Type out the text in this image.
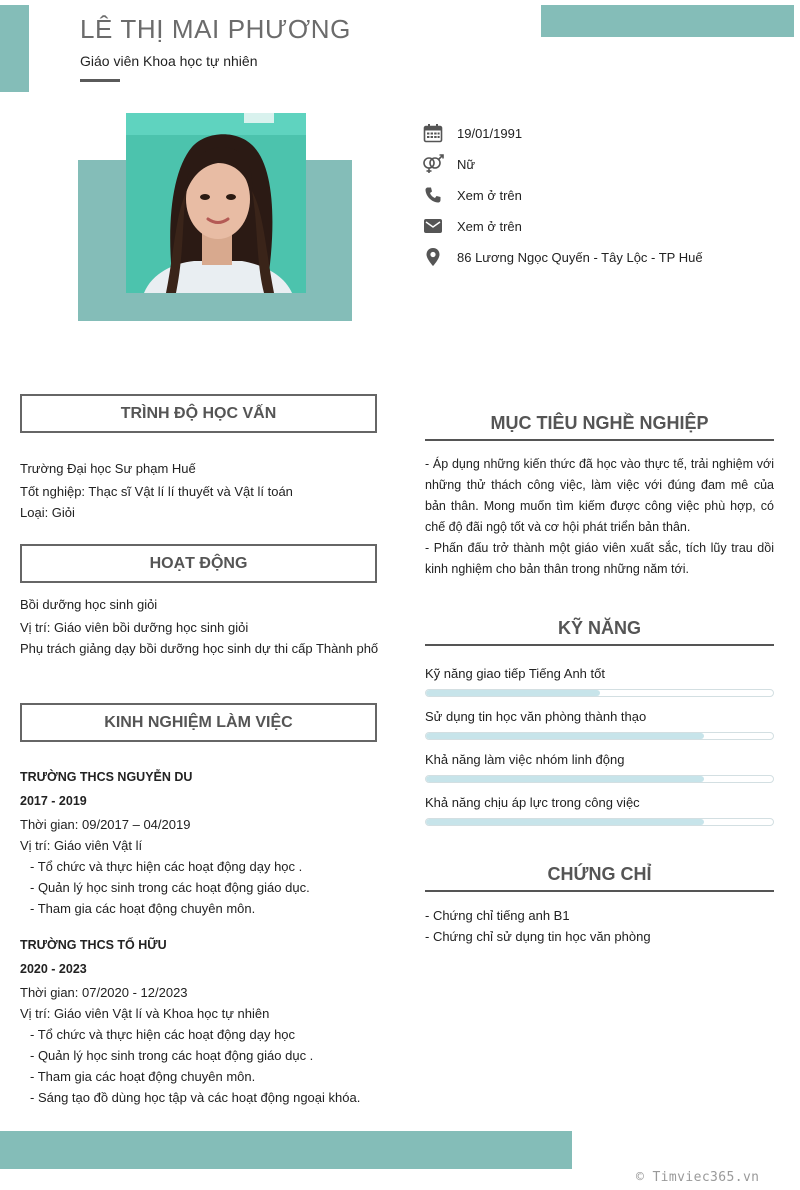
LÊ THỊ MAI PHƯƠNG
Giáo viên Khoa học tự nhiên
19/01/1991
Nữ
Xem ở trên
Xem ở trên
86 Lương Ngọc Quyến - Tây Lộc - TP Huế
TRÌNH ĐỘ HỌC VẤN
Trường Đại học Sư phạm Huế
Tốt nghiệp: Thạc sĩ Vật lí lí thuyết và Vật lí toán
Loại: Giỏi
HOẠT ĐỘNG
Bồi dưỡng học sinh giỏi
Vị trí: Giáo viên bồi dưỡng học sinh giỏi
Phụ trách giảng dạy bồi dưỡng học sinh dự thi cấp Thành phố
KINH NGHIỆM LÀM VIỆC
TRƯỜNG THCS NGUYỄN DU
2017 - 2019
Thời gian: 09/2017 – 04/2019
Vị trí: Giáo viên Vật lí
- Tổ chức và thực hiện các hoạt động dạy học .
- Quản lý học sinh trong các hoạt động giáo dục.
- Tham gia các hoạt động chuyên môn.
TRƯỜNG THCS TỐ HỮU
2020 - 2023
Thời gian: 07/2020 - 12/2023
Vị trí: Giáo viên Vật lí và Khoa học tự nhiên
- Tổ chức và thực hiện các hoạt động dạy học
- Quản lý học sinh trong các hoạt động giáo dục .
- Tham gia các hoạt động chuyên môn.
- Sáng tạo đồ dùng học tập và các hoạt động ngoại khóa.
MỤC TIÊU NGHỀ NGHIỆP

- Áp dụng những kiến thức đã học vào thực tế, trải nghiệm với những thử thách công việc, làm việc với đúng đam mê của bản thân. Mong muốn tìm kiếm được công việc phù hợp, có chế độ đãi ngộ tốt và cơ hội phát triển bản thân.

- Phấn đấu trở thành một giáo viên xuất sắc, tích lũy trau dồi kinh nghiệm cho bản thân trong những năm tới.

KỸ NĂNG
Kỹ năng giao tiếp Tiếng Anh tốt
Sử dụng tin học văn phòng thành thạo
Khả năng làm việc nhóm linh động
Khả năng chịu áp lực trong công việc
CHỨNG CHỈ
- Chứng chỉ tiếng anh B1
- Chứng chỉ sử dụng tin học văn phòng
© Timviec365.vn
